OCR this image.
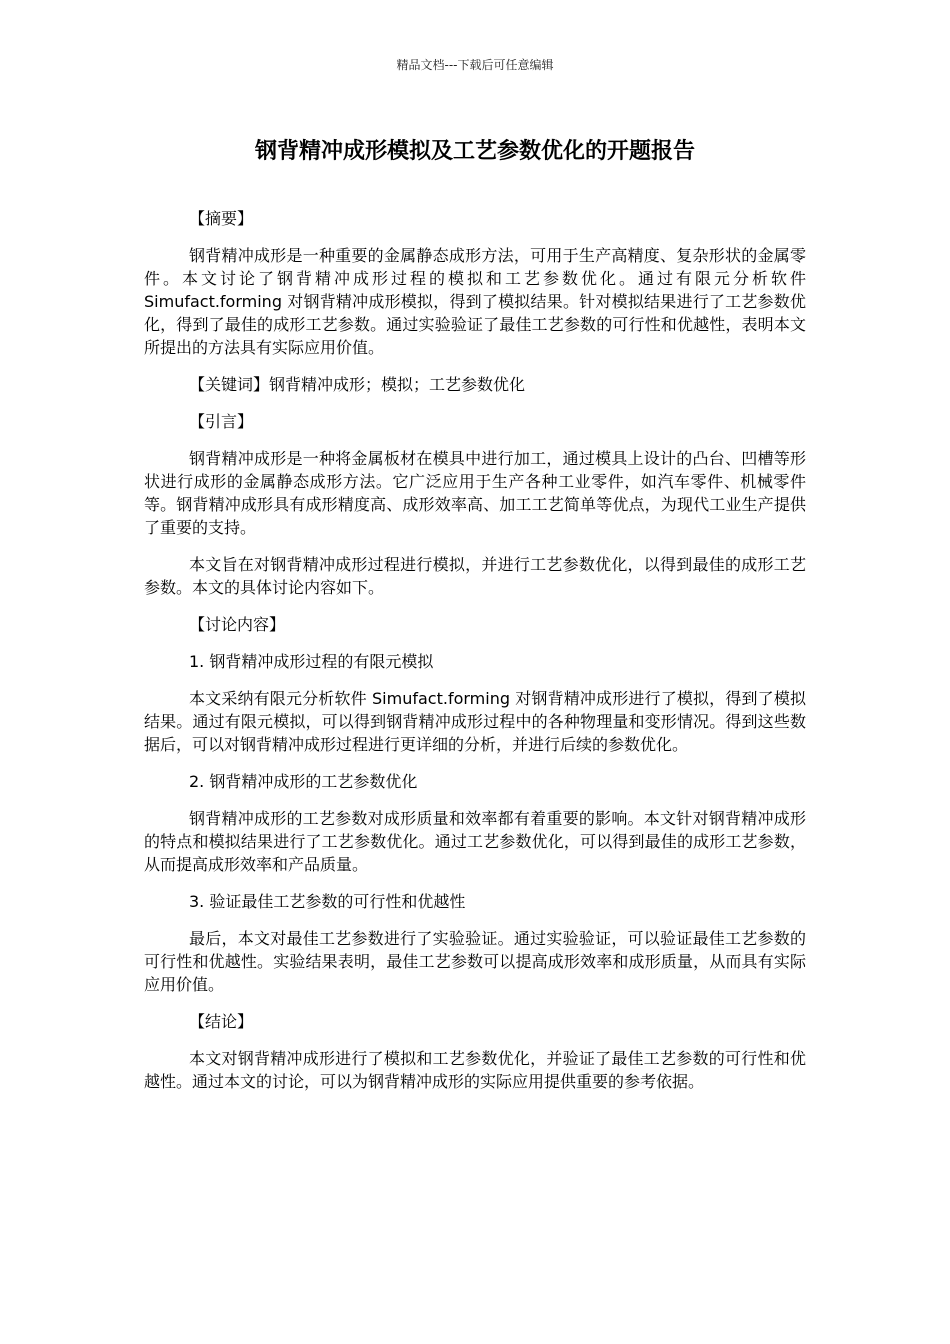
精品文档---下载后可任意编辑
钢背精冲成形模拟及工艺参数优化的开题报告

【摘要】

钢背精冲成形是一种重要的金属静态成形方法，可用于生产高精度、复杂形状的金属零件。本文讨论了钢背精冲成形过程的模拟和工艺参数优化。通过有限元分析软件 Simufact.forming 对钢背精冲成形模拟，得到了模拟结果。针对模拟结果进行了工艺参数优化，得到了最佳的成形工艺参数。通过实验验证了最佳工艺参数的可行性和优越性，表明本文所提出的方法具有实际应用价值。

【关键词】钢背精冲成形；模拟；工艺参数优化

【引言】

钢背精冲成形是一种将金属板材在模具中进行加工，通过模具上设计的凸台、凹槽等形状进行成形的金属静态成形方法。它广泛应用于生产各种工业零件，如汽车零件、机械零件等。钢背精冲成形具有成形精度高、成形效率高、加工工艺简单等优点，为现代工业生产提供了重要的支持。

本文旨在对钢背精冲成形过程进行模拟，并进行工艺参数优化，以得到最佳的成形工艺参数。本文的具体讨论内容如下。

【讨论内容】

1. 钢背精冲成形过程的有限元模拟

本文采纳有限元分析软件 Simufact.forming 对钢背精冲成形进行了模拟，得到了模拟结果。通过有限元模拟，可以得到钢背精冲成形过程中的各种物理量和变形情况。得到这些数据后，可以对钢背精冲成形过程进行更详细的分析，并进行后续的参数优化。

2. 钢背精冲成形的工艺参数优化

钢背精冲成形的工艺参数对成形质量和效率都有着重要的影响。本文针对钢背精冲成形的特点和模拟结果进行了工艺参数优化。通过工艺参数优化，可以得到最佳的成形工艺参数，从而提高成形效率和产品质量。

3. 验证最佳工艺参数的可行性和优越性

最后，本文对最佳工艺参数进行了实验验证。通过实验验证，可以验证最佳工艺参数的可行性和优越性。实验结果表明，最佳工艺参数可以提高成形效率和成形质量，从而具有实际应用价值。

【结论】

本文对钢背精冲成形进行了模拟和工艺参数优化，并验证了最佳工艺参数的可行性和优越性。通过本文的讨论，可以为钢背精冲成形的实际应用提供重要的参考依据。
